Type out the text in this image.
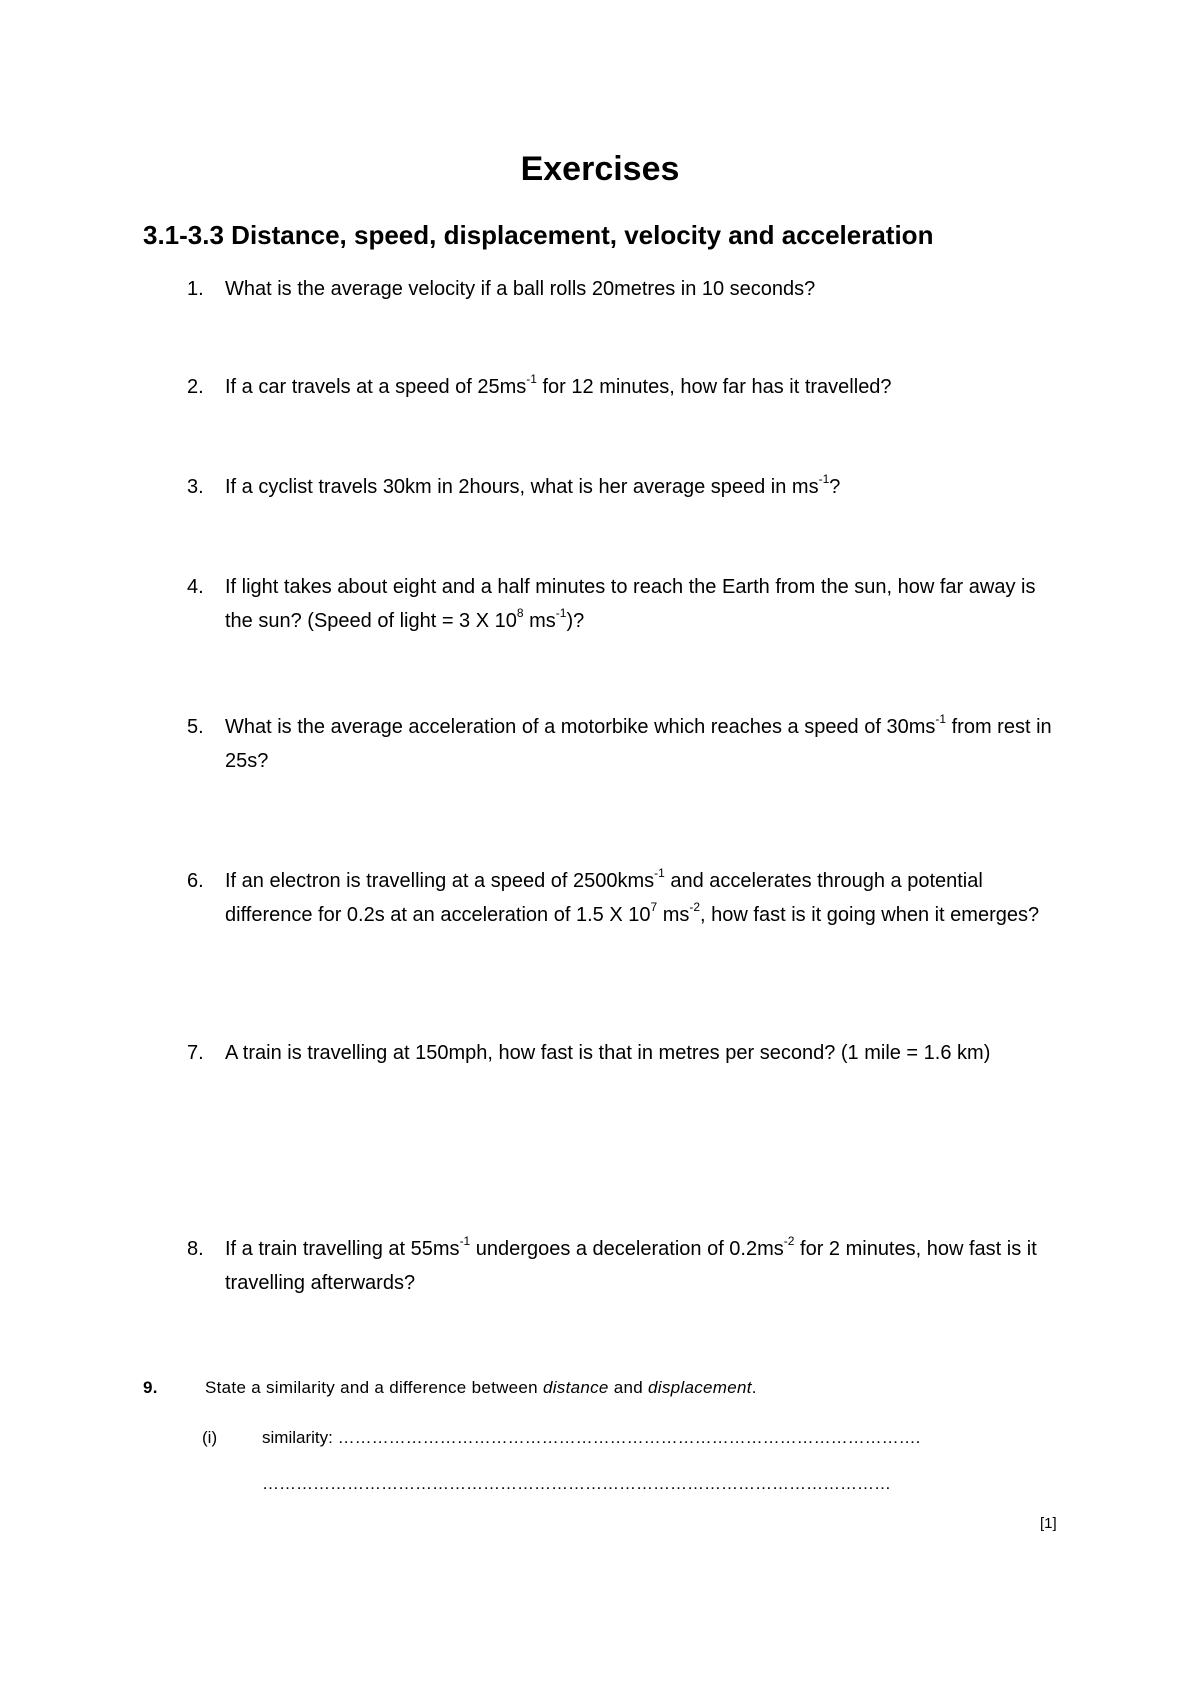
Exercises
3.1-3.3 Distance, speed, displacement, velocity and acceleration
1. What is the average velocity if a ball rolls 20metres in 10 seconds?
2. If a car travels at a speed of $25ms^{-1}$ for 12 minutes, how far has it travelled?
3. If a cyclist travels 30km in 2hours, what is her average speed in $ms^{-1}$?
4. If light takes about eight and a half minutes to reach the Earth from the sun, how far away is the sun? (Speed of light = 3 X $10^8$ $ms^{-1}$)?
5. What is the average acceleration of a motorbike which reaches a speed of $30ms^{-1}$ from rest in 25s?
6. If an electron is travelling at a speed of 2500kms$^{-1}$ and accelerates through a potential difference for 0.2s at an acceleration of 1.5 X $10^7$ $ms^{-2}$, how fast is it going when it emerges?
7. A train is travelling at 150mph, how fast is that in metres per second? (1 mile = 1.6 km)
8. If a train travelling at $55ms^{-1}$ undergoes a deceleration of $0.2ms^{-2}$ for 2 minutes, how fast is it travelling afterwards?
9.	State a similarity and a difference between distance and displacement.
(i)	similarity: ………………………………………………………………………………………….
…………………………………………………………………………………………………
[1]
